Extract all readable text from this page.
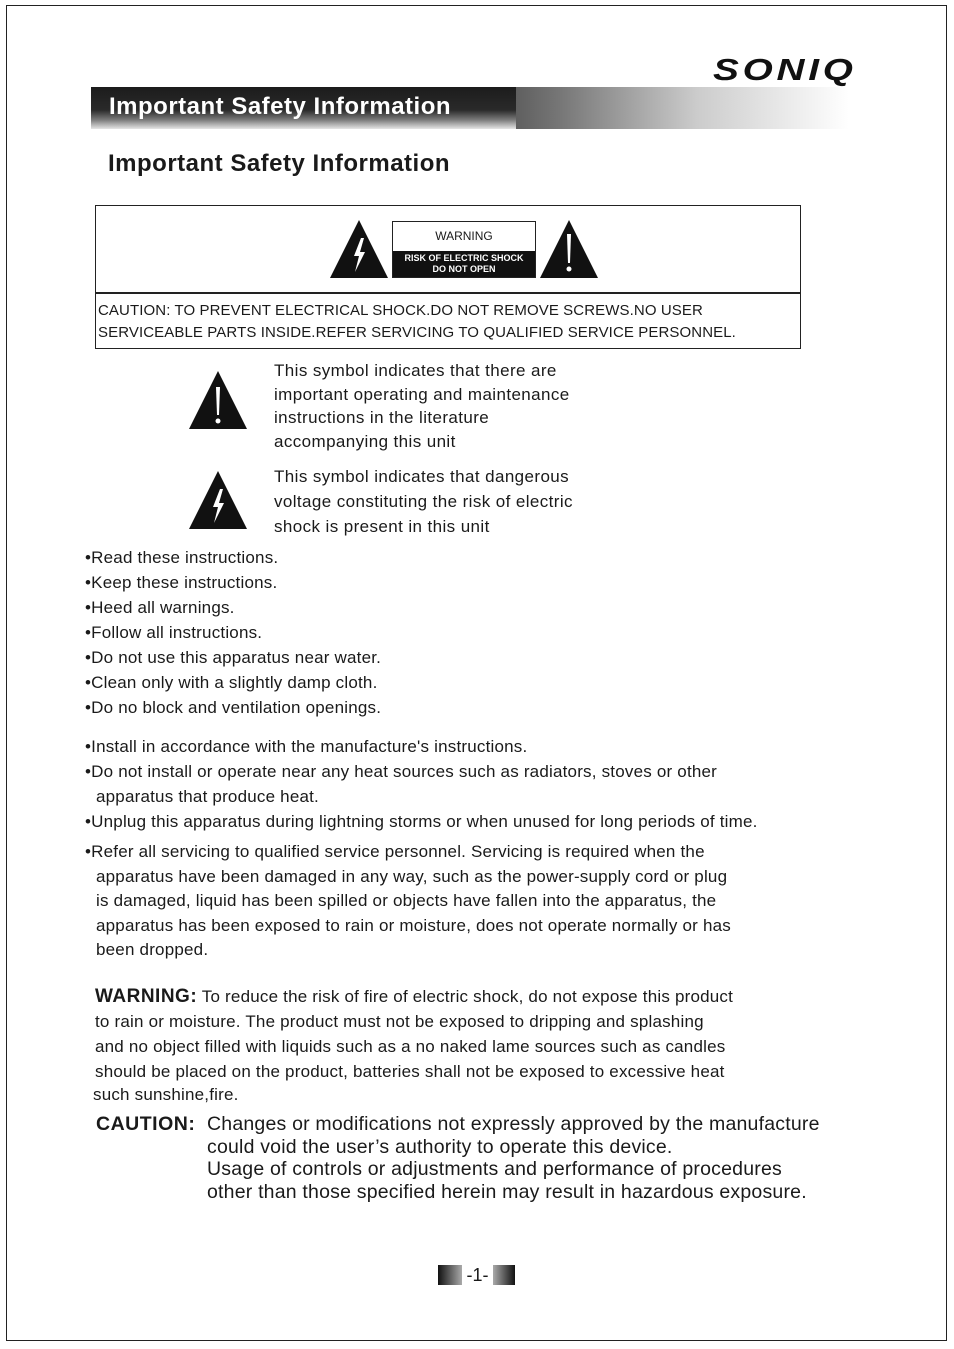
SONIQ
Important Safety Information
Important Safety Information
WARNING
RISK OF ELECTRIC SHOCK
DO NOT OPEN
CAUTION: TO PREVENT ELECTRICAL SHOCK.DO NOT REMOVE SCREWS.NO USER
SERVICEABLE PARTS INSIDE.REFER SERVICING TO QUALIFIED SERVICE PERSONNEL.
This symbol indicates that there are
important operating and maintenance
instructions in the literature
accompanying this unit
This symbol indicates that dangerous
voltage constituting the risk of electric
shock is present in this unit
•Read these instructions.
•Keep these instructions.
•Heed all warnings.
•Follow all instructions.
•Do not use this apparatus near water.
•Clean only with a slightly damp cloth.
•Do no block and ventilation openings.
•Install in accordance with the manufacture's instructions.
•Do not install or operate near any heat sources such as radiators, stoves or other
apparatus that produce heat.
•Unplug this apparatus during lightning storms or when unused for long periods of time.
•Refer all servicing to qualified service personnel. Servicing is required when the
apparatus have been damaged in any way, such as the power-supply cord or plug
is damaged, liquid has been spilled or objects have fallen into the apparatus, the
apparatus has been exposed to rain or moisture, does not operate normally or has
been dropped.
WARNING: To reduce the risk of fire of electric shock, do not expose this product
to rain or moisture. The product must not be exposed to dripping and splashing
and no object filled with liquids such as a no naked lame sources such as candles
should be placed on the product, batteries shall not be exposed to excessive heat
such sunshine,fire.
CAUTION: Changes or modifications not expressly approved by the manufacture
could void the user’s authority to operate this device.
Usage of controls or adjustments and performance of procedures
other than those specified herein may result in hazardous exposure.
-1-
